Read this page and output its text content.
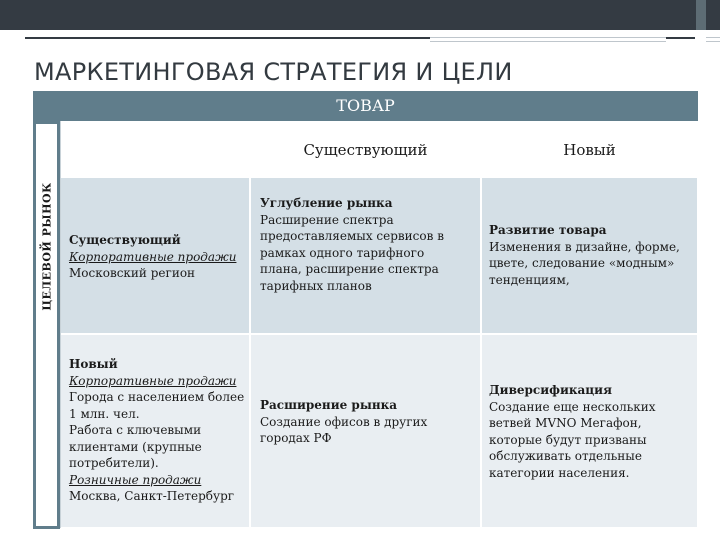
МАРКЕТИНГОВАЯ СТРАТЕГИЯ И ЦЕЛИ
ТОВАР
ЦЕЛЕВОЙ РЫНОК
Существующий	Новый
Существующий
Корпоративные продажи
Московский регион
Углубление рынка
Расширение спектра
предоставляемых сервисов в
рамках одного тарифного
плана, расширение спектра
тарифных планов
Развитие товара
Изменения в дизайне, форме,
цвете, следование «модным»
тенденциям,
Новый
Корпоративные продажи
Города с населением более
1 млн. чел.
Работа с ключевыми
клиентами (крупные
потребители).
Розничные продажи
Москва, Санкт-Петербург
Расширение рынка
Создание офисов в других
городах РФ
Диверсификация
Создание еще нескольких
ветвей MVNO Мегафон,
которые будут призваны
обслуживать отдельные
категории населения.
